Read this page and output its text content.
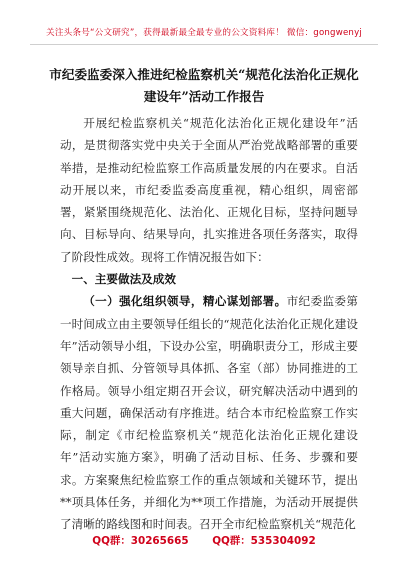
关注头条号“公文研究”，获得最新最全最专业的公文资料库！ 微信：gongwenyj
市纪委监委深入推进纪检监察机关“规范化法治化正规化
建设年”活动工作报告

开展纪检监察机关“规范化法治化正规化建设年”活动，是贯彻落实党中央关于全面从严治党战略部署的重要举措，是推动纪检监察工作高质量发展的内在要求。自活动开展以来，市纪委监委高度重视，精心组织，周密部署，紧紧围绕规范化、法治化、正规化目标，坚持问题导向、目标导向、结果导向，扎实推进各项任务落实，取得了阶段性成效。现将工作情况报告如下：

一、主要做法及成效

（一）强化组织领导，精心谋划部署。市纪委监委第一时间成立由主要领导任组长的“规范化法治化正规化建设年”活动领导小组，下设办公室，明确职责分工，形成主要领导亲自抓、分管领导具体抓、各室（部）协同推进的工作格局。领导小组定期召开会议，研究解决活动中遇到的重大问题，确保活动有序推进。结合本市纪检监察工作实际，制定《市纪检监察机关“规范化法治化正规化建设年”活动实施方案》，明确了活动目标、任务、步骤和要求。方案聚焦纪检监察工作的重点领域和关键环节，提出**项具体任务，并细化为**项工作措施，为活动开展提供了清晰的路线图和时间表。召开全市纪检监察机关“规范化

QQ群：30265665 QQ群：535304092
